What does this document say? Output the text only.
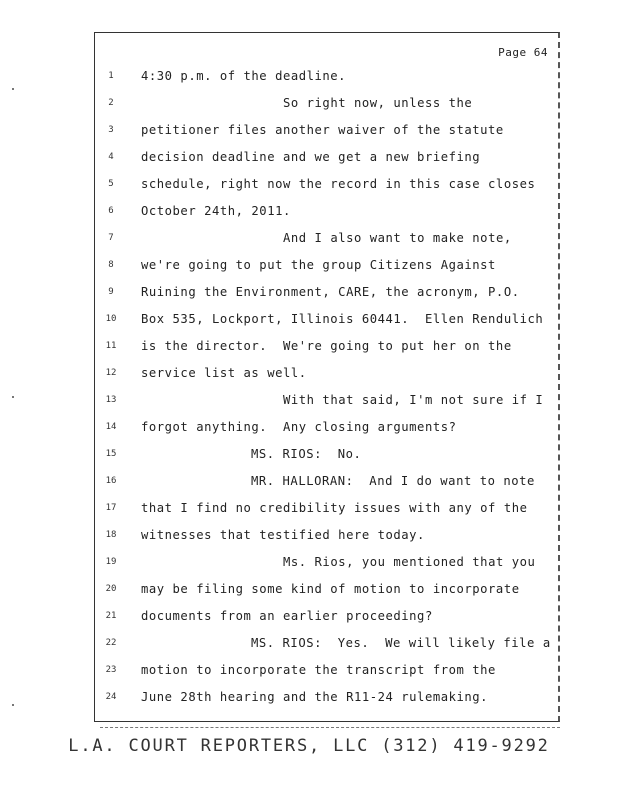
Page 64
1	4:30 p.m. of the deadline.
2	So right now, unless the
3	petitioner files another waiver of the statute
4	decision deadline and we get a new briefing
5	schedule, right now the record in this case closes
6	October 24th, 2011.
7	And I also want to make note,
8	we're going to put the group Citizens Against
9	Ruining the Environment, CARE, the acronym, P.O.
10	Box 535, Lockport, Illinois 60441.  Ellen Rendulich
11	is the director.  We're going to put her on the
12	service list as well.
13	With that said, I'm not sure if I
14	forgot anything.  Any closing arguments?
15	MS. RIOS:  No.
16	MR. HALLORAN:  And I do want to note
17	that I find no credibility issues with any of the
18	witnesses that testified here today.
19	Ms. Rios, you mentioned that you
20	may be filing some kind of motion to incorporate
21	documents from an earlier proceeding?
22	MS. RIOS:  Yes.  We will likely file a
23	motion to incorporate the transcript from the
24	June 28th hearing and the R11-24 rulemaking.
L.A. COURT REPORTERS, LLC (312) 419-9292
